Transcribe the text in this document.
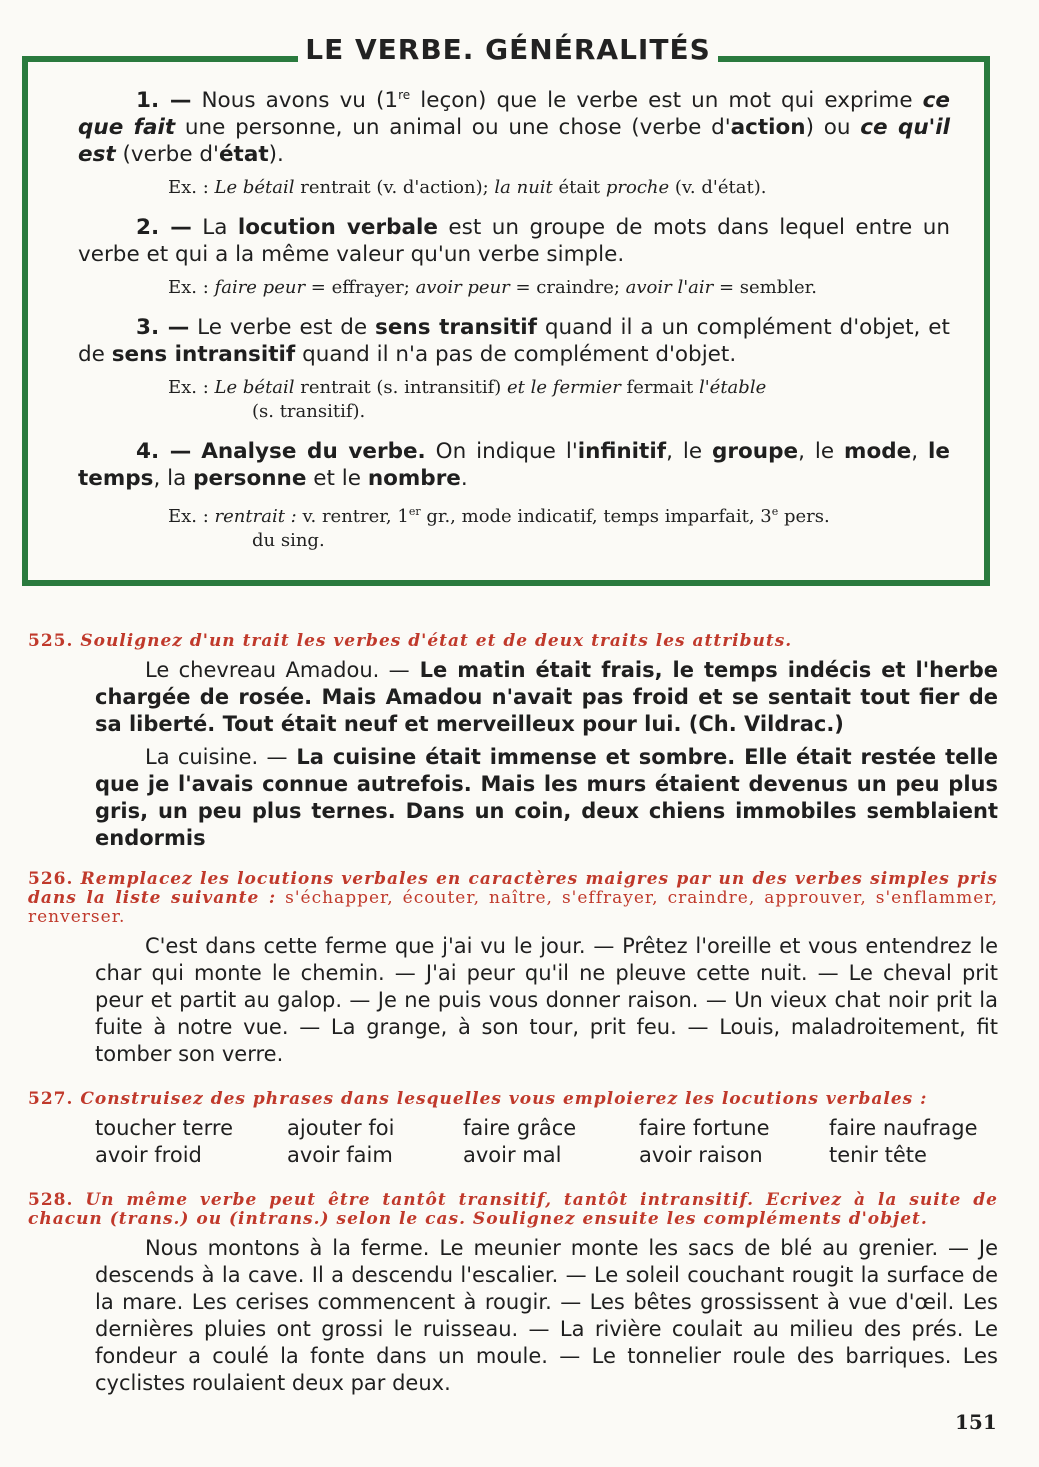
LE VERBE. GÉNÉRALITÉS

1. — Nous avons vu (1re leçon) que le verbe est un mot qui exprime ce que fait une personne, un animal ou une chose (verbe d'action) ou ce qu'il est (verbe d'état).

Ex. : Le bétail rentrait (v. d'action); la nuit était proche (v. d'état).

2. — La locution verbale est un groupe de mots dans lequel entre un verbe et qui a la même valeur qu'un verbe simple.

Ex. : faire peur = effrayer; avoir peur = craindre; avoir l'air = sembler.

3. — Le verbe est de sens transitif quand il a un complément d'objet, et de sens intransitif quand il n'a pas de complément d'objet.

Ex. : Le bétail rentrait (s. intransitif) et le fermier fermait l'étable
(s. transitif).

4. — Analyse du verbe. On indique l'infinitif, le groupe, le mode, le temps, la personne et le nombre.

Ex. : rentrait : v. rentrer, 1er gr., mode indicatif, temps imparfait, 3e pers.
du sing.

525. Soulignez d'un trait les verbes d'état et de deux traits les attributs.

Le chevreau Amadou. — Le matin était frais, le temps indécis et l'herbe chargée de rosée. Mais Amadou n'avait pas froid et se sentait tout fier de sa liberté. Tout était neuf et merveilleux pour lui. (Ch. Vildrac.)

La cuisine. — La cuisine était immense et sombre. Elle était restée telle que je l'avais connue autrefois. Mais les murs étaient devenus un peu plus gris, un peu plus ternes. Dans un coin, deux chiens immobiles semblaient endormis

526. Remplacez les locutions verbales en caractères maigres par un des verbes simples pris dans la liste suivante : s'échapper, écouter, naître, s'effrayer, craindre, approuver, s'enflammer, renverser.

C'est dans cette ferme que j'ai vu le jour. — Prêtez l'oreille et vous entendrez le char qui monte le chemin. — J'ai peur qu'il ne pleuve cette nuit. — Le cheval prit peur et partit au galop. — Je ne puis vous donner raison. — Un vieux chat noir prit la fuite à notre vue. — La grange, à son tour, prit feu. — Louis, maladroitement, fit tomber son verre.

527. Construisez des phrases dans lesquelles vous emploierez les locutions verbales :

toucher terre	ajouter foi	faire grâce	faire fortune	faire naufrage
avoir froid	avoir faim	avoir mal	avoir raison	tenir tête

528. Un même verbe peut être tantôt transitif, tantôt intransitif. Ecrivez à la suite de chacun (trans.) ou (intrans.) selon le cas. Soulignez ensuite les compléments d'objet.

Nous montons à la ferme. Le meunier monte les sacs de blé au grenier. — Je descends à la cave. Il a descendu l'escalier. — Le soleil couchant rougit la surface de la mare. Les cerises commencent à rougir. — Les bêtes grossissent à vue d'œil. Les dernières pluies ont grossi le ruisseau. — La rivière coulait au milieu des prés. Le fondeur a coulé la fonte dans un moule. — Le tonnelier roule des barriques. Les cyclistes roulaient deux par deux.

151
